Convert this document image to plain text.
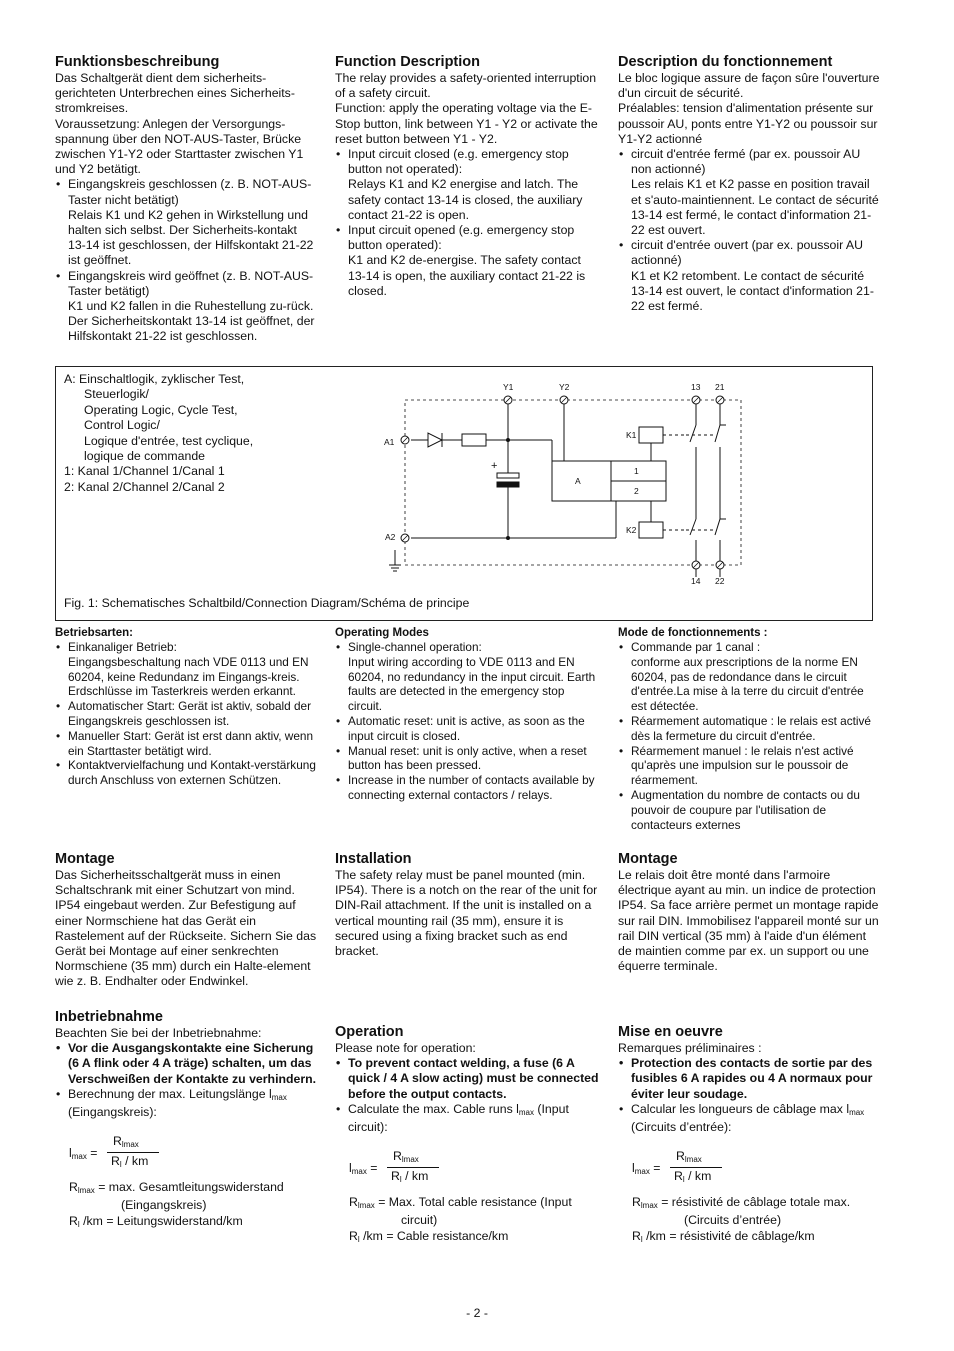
Funktionsbeschreibung

Das Schaltgerät dient dem sicherheits-gerichteten Unterbrechen eines Sicherheits-stromkreises.

Voraussetzung: Anlegen der Versorgungs-spannung über den NOT-AUS-Taster, Brücke zwischen Y1-Y2 oder Starttaster zwischen Y1 und Y2 betätigt.

• Eingangskreis geschlossen (z. B. NOT-AUS-Taster nicht betätigt)
Relais K1 und K2 gehen in Wirkstellung und halten sich selbst. Der Sicherheits-kontakt 13-14 ist geschlossen, der Hilfskontakt 21-22 ist geöffnet.
• Eingangskreis wird geöffnet (z. B. NOT-AUS-Taster betätigt)
K1 und K2 fallen in die Ruhestellung zu-rück. Der Sicherheitskontakt 13-14 ist geöffnet, der Hilfskontakt 21-22 ist geschlossen.
Function Description

The relay provides a safety-oriented interruption of a safety circuit.

Function: apply the operating voltage via the E-Stop button, link between Y1 - Y2 or activate the reset button between Y1 - Y2.

• Input circuit closed (e.g. emergency stop button not operated):
Relays K1 and K2 energise and latch. The safety contact 13-14 is closed, the auxiliary contact 21-22 is open.
• Input circuit opened (e.g. emergency stop button operated):
K1 and K2 de-energise. The safety contact 13-14 is open, the auxiliary contact 21-22 is closed.
Description du fonctionnement

Le bloc logique assure de façon sûre l'ouverture d'un circuit de sécurité.

Préalables: tension d'alimentation présente sur poussoir AU, ponts entre Y1-Y2 ou poussoir sur Y1-Y2 actionné

• circuit d'entrée fermé (par ex. poussoir AU non actionné)
Les relais K1 et K2 passe en position travail et s'auto-maintiennent. Le contact de sécurité 13-14 est fermé, le contact d'information 21-22 est ouvert.
• circuit d'entrée ouvert (par ex. poussoir AU actionné)
K1 et K2 retombent. Le contact de sécurité 13-14 est ouvert, le contact d'information 21-22 est fermé.
A: Einschaltlogik, zyklischer Test,
Steuerlogik/
Operating Logic, Cycle Test,
Control Logic/
Logique d'entrée, test cyclique,
logique de commande
1: Kanal 1/Channel 1/Canal 1
2: Kanal 2/Channel 2/Canal 2
Y1	Y2	13 21
14 22
A1
A2
K1
K2
A
1
2
+
Fig. 1: Schematisches Schaltbild/Connection Diagram/Schéma de principe
Betriebsarten:
• Einkanaliger Betrieb:
Eingangsbeschaltung nach VDE 0113 und EN 60204, keine Redundanz im Eingangs-kreis. Erdschlüsse im Tasterkreis werden erkannt.
• Automatischer Start: Gerät ist aktiv, sobald der Eingangskreis geschlossen ist.
• Manueller Start: Gerät ist erst dann aktiv, wenn ein Starttaster betätigt wird.
• Kontaktvervielfachung und Kontakt-verstärkung durch Anschluss von externen Schützen.
Operating Modes
• Single-channel operation:
Input wiring according to VDE 0113 and EN 60204, no redundancy in the input circuit. Earth faults are detected in the emergency stop circuit.
• Automatic reset: unit is active, as soon as the input circuit is closed.
• Manual reset: unit is only active, when a reset button has been pressed.
• Increase in the number of contacts available by connecting external contactors / relays.
Mode de fonctionnements :
• Commande par 1 canal :
conforme aux prescriptions de la norme EN 60204, pas de redondance dans le circuit d'entrée.La mise à la terre du circuit d'entrée est détectée.
• Réarmement automatique : le relais est activé dès la fermeture du circuit d'entrée.
• Réarmement manuel : le relais n'est activé qu'après une impulsion sur le poussoir de réarmement.
• Augmentation du nombre de contacts ou du pouvoir de coupure par l'utilisation de contacteurs externes
Montage

Das Sicherheitsschaltgerät muss in einen Schaltschrank mit einer Schutzart von mind. IP54 eingebaut werden. Zur Befestigung auf einer Normschiene hat das Gerät ein Rastelement auf der Rückseite. Sichern Sie das Gerät bei Montage auf einer senkrechten Normschiene (35 mm) durch ein Halte-element wie z. B. Endhalter oder Endwinkel.

Installation

The safety relay must be panel mounted (min. IP54). There is a notch on the rear of the unit for DIN-Rail attachment. If the unit is installed on a vertical mounting rail (35 mm), ensure it is secured using a fixing bracket such as end bracket.

Montage

Le relais doit être monté dans l'armoire électrique ayant au min. un indice de protection IP54. Sa face arrière permet un montage rapide sur rail DIN. Immobilisez l'appareil monté sur un rail DIN vertical (35 mm) à l'aide d'un élément de maintien comme par ex. un support ou une équerre terminale.

Inbetriebnahme

Beachten Sie bei der Inbetriebnahme:

• Vor die Ausgangskontakte eine Sicherung (6 A flink oder 4 A träge) schalten, um das Verschweißen der Kontakte zu verhindern.
• Berechnung der max. Leitungslänge $l_{max}$ (Eingangskreis):
$l_{max}$ =
$R_{lmax}$
$R_l$ / km
$R_{lmax} = \max$. Gesamtleitungswiderstand
(Eingangskreis)
$R_l$ /km = Leitungswiderstand/km
Operation

Please note for operation:

• To prevent contact welding, a fuse (6 A quick / 4 A slow acting) must be connected before the output contacts.
• Calculate the max. Cable runs $l_{max}$ (Input circuit):
$l_{max}$ =
$R_{lmax}$
$R_l$ / km
$R_{lmax}$ = Max. Total cable resistance (Input
circuit)
$R_l$ /km = Cable resistance/km
Mise en oeuvre

Remarques préliminaires :

• Protection des contacts de sortie par des fusibles 6 A rapides ou 4 A normaux pour éviter leur soudage.
• Calcular les longueurs de câblage $\max l_{max}$ (Circuits d’entrée):
$l_{max}$ =
$R_{lmax}$
$R_l$ / km
$R_{lmax}$ = résistivité de câblage totale max.
(Circuits d’entrée)
$R_l$ /km = résistivité de câblage/km
- 2 -
